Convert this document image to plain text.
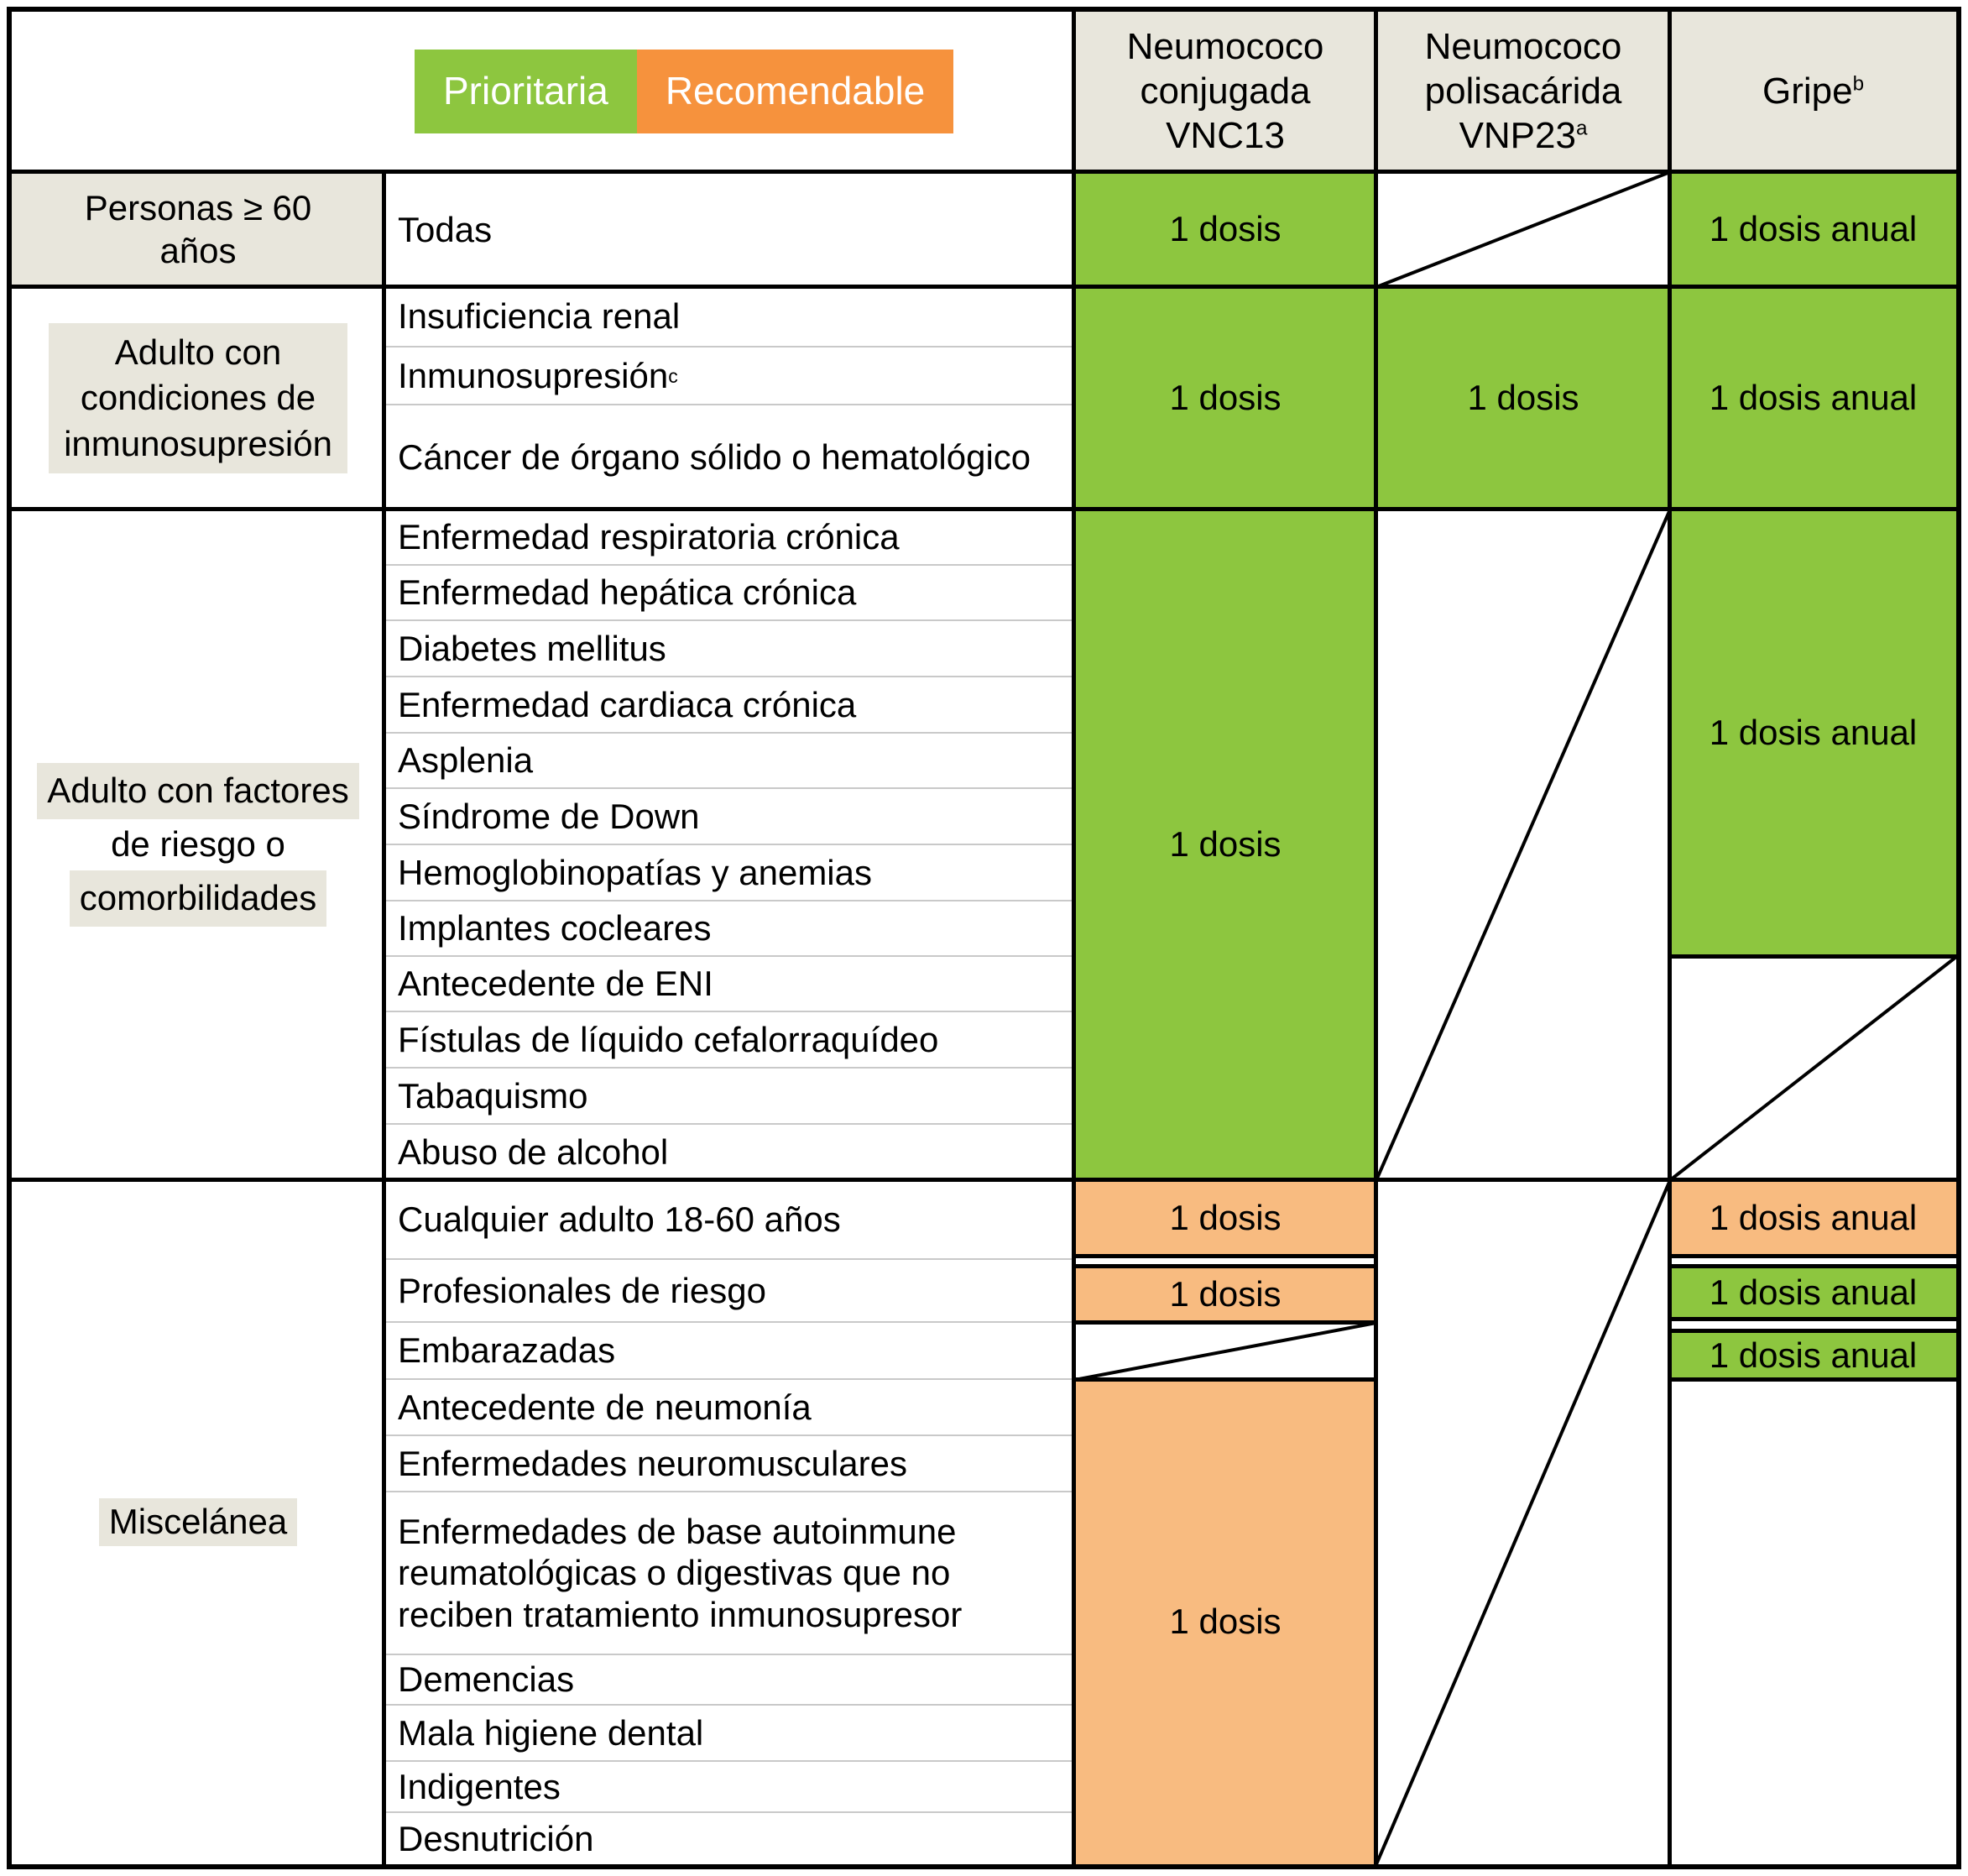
Prioritaria Recomendable
Neumococo
conjugada
VNC13
Neumococo
polisacárida
VNP23$^a$
Gripe$^b$
Personas ≥ 60
años
Adulto con
condiciones de
inmunosupresión
Adulto con factores
de riesgo o
comorbilidades
Miscelánea
Todas
Insuficiencia renal
Inmunosupresión c
Cáncer de órgano sólido o hematológico
Enfermedad respiratoria crónica
Enfermedad hepática crónica
Diabetes mellitus
Enfermedad cardiaca crónica
Asplenia
Síndrome de Down
Hemoglobinopatías y anemias
Implantes cocleares
Antecedente de ENI
Fístulas de líquido cefalorraquídeo
Tabaquismo
Abuso de alcohol
Cualquier adulto 18-60 años
Profesionales de riesgo
Embarazadas
Antecedente de neumonía
Enfermedades neuromusculares
Enfermedades de base autoinmune reumatológicas o digestivas que no reciben tratamiento inmunosupresor
Demencias
Mala higiene dental
Indigentes
Desnutrición
1 dosis
1 dosis
1 dosis
1 dosis
1 dosis
1 dosis
1 dosis
1 dosis anual
1 dosis anual
1 dosis anual
1 dosis anual
1 dosis anual
1 dosis anual
